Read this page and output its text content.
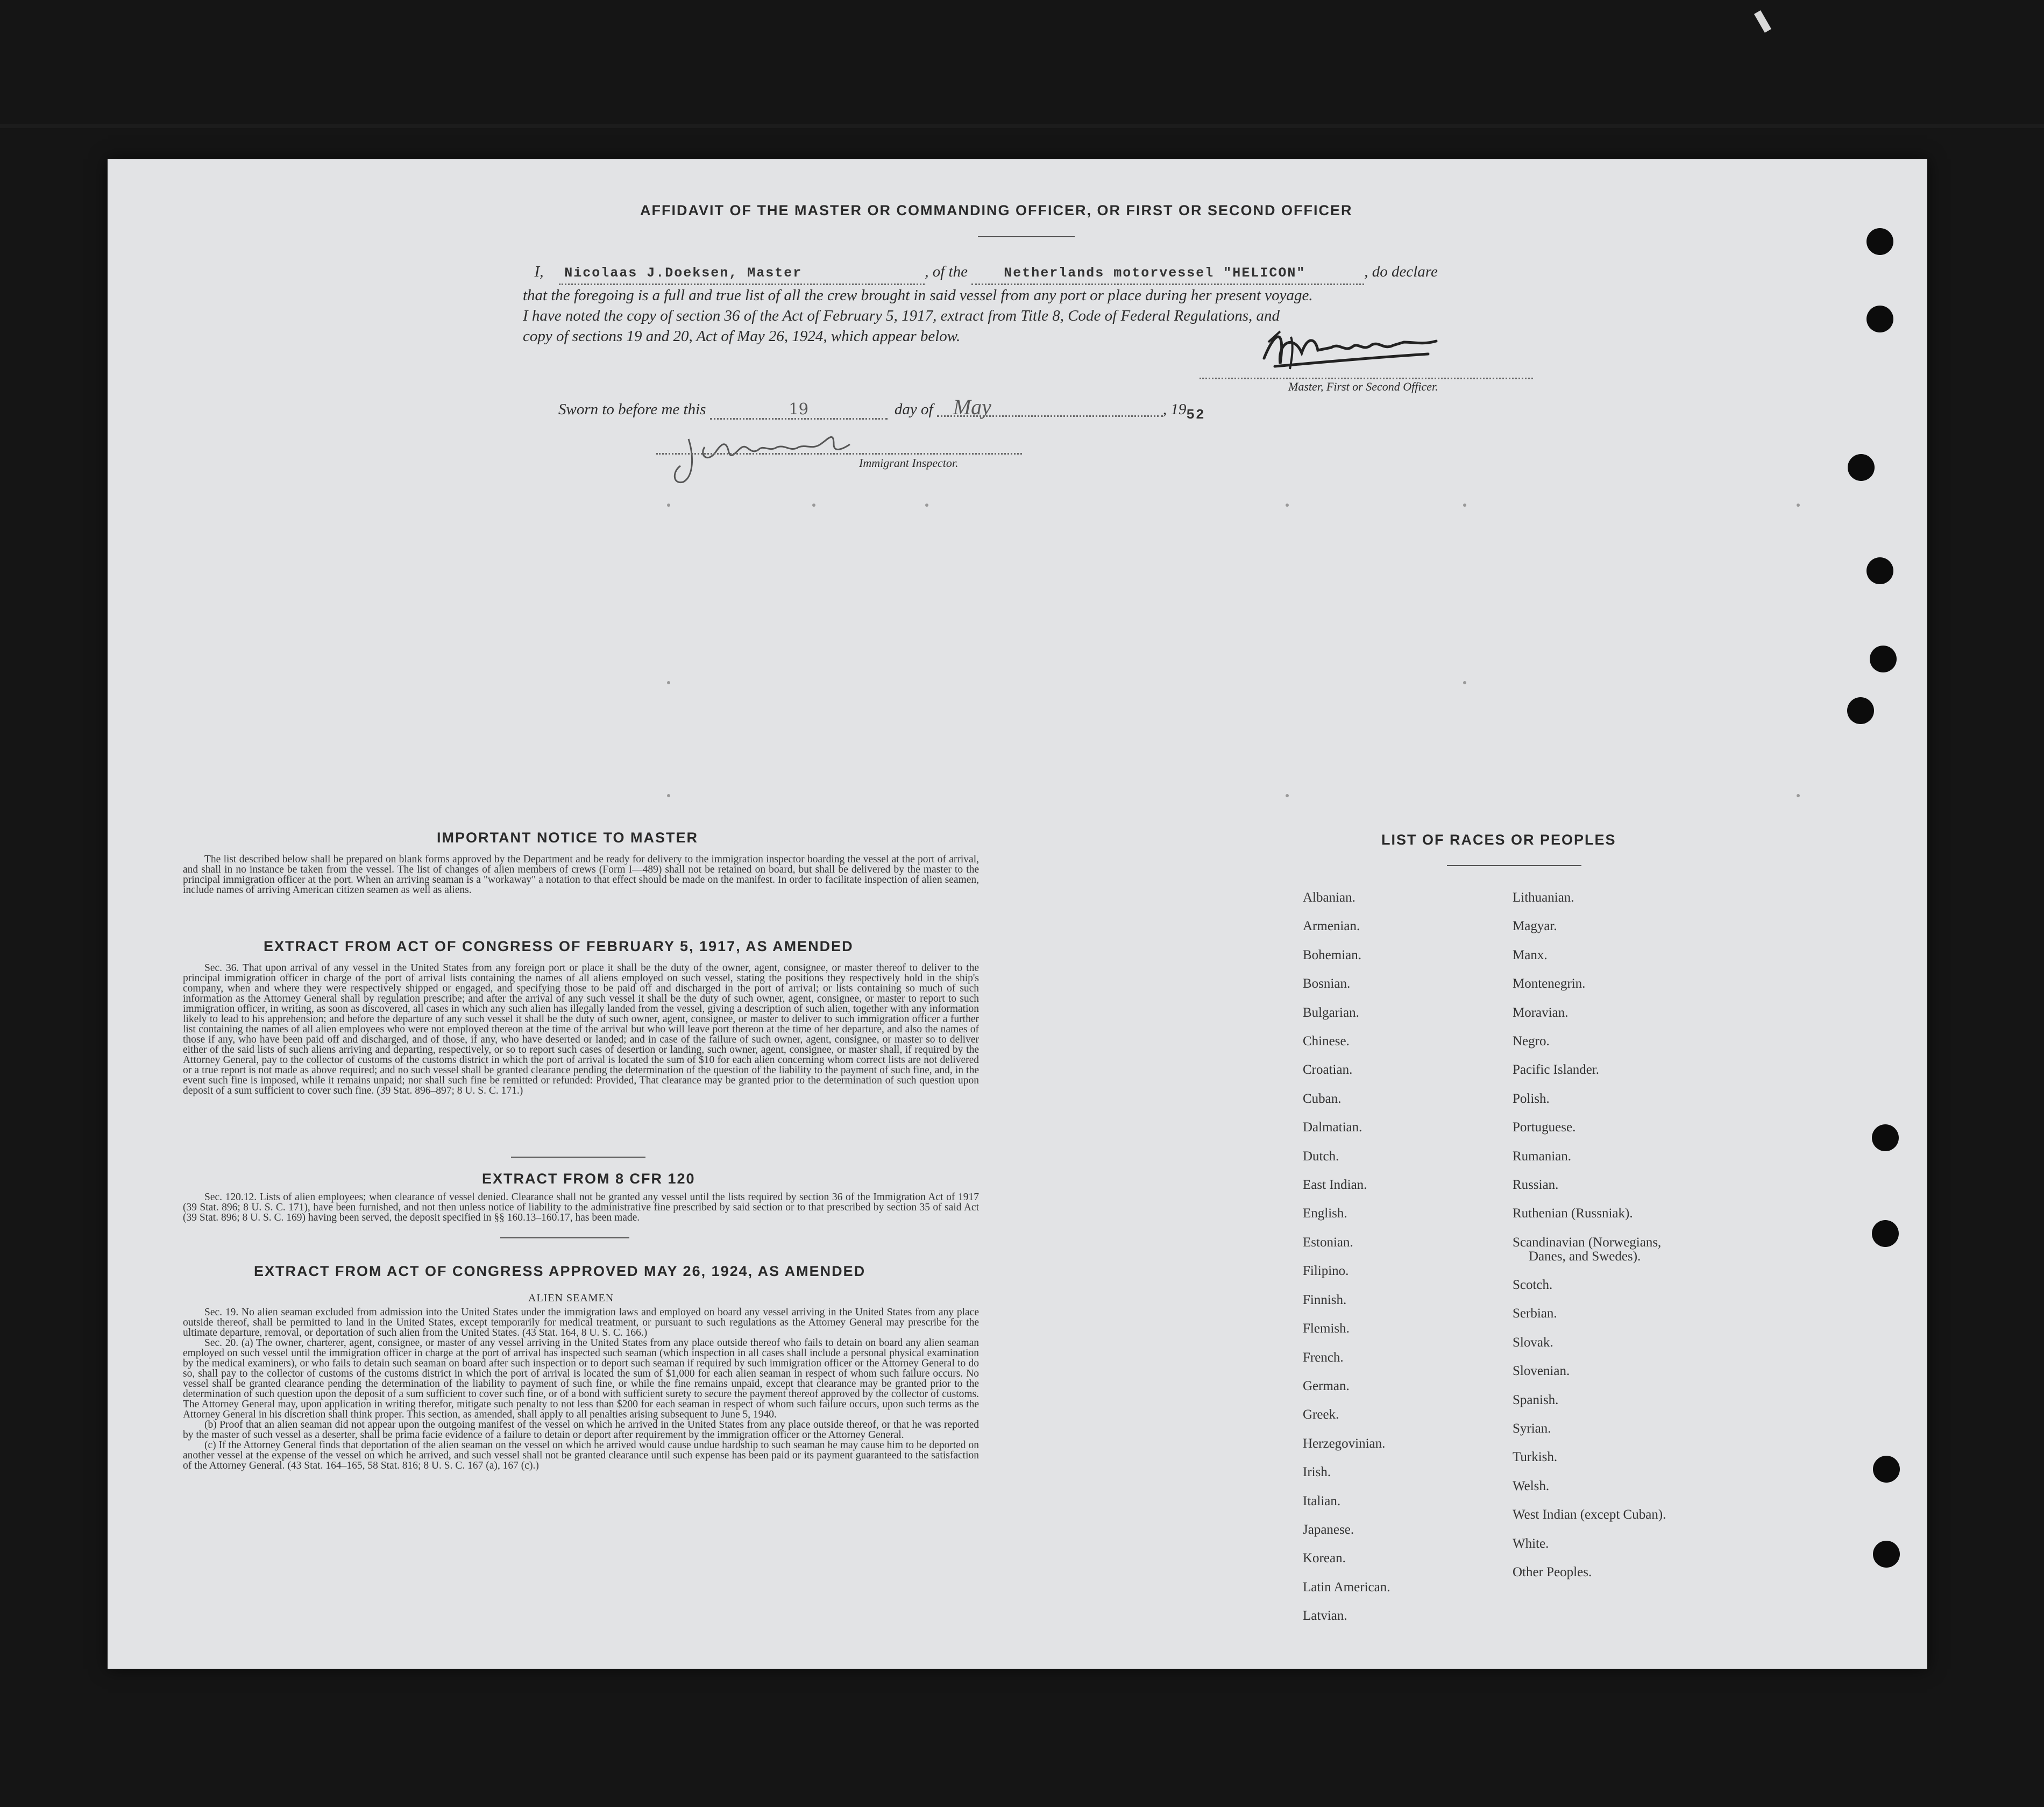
AFFIDAVIT OF THE MASTER OR COMMANDING OFFICER, OR FIRST OR SECOND OFFICER
I, Nicolaas J.Doeksen, Master	, of the	Netherlands motorvessel "HELICON"	, do declare
that the foregoing is a full and true list of all the crew brought in said vessel from any port or place during her present voyage.
I have noted the copy of section 36 of the Act of February 5, 1917, extract from Title 8, Code of Federal Regulations, and
copy of sections 19 and 20, Act of May 26, 1924, which appear below.
Master, First or Second Officer.
Sworn to before me this	19	day of May	, 1952
Immigrant Inspector.
IMPORTANT NOTICE TO MASTER

The list described below shall be prepared on blank forms approved by the Department and be ready for delivery to the immigration inspector boarding the vessel at the port of arrival, and shall in no instance be taken from the vessel. The list of changes of alien members of crews (Form I—489) shall not be retained on board, but shall be delivered by the master to the principal immigration officer at the port. When an arriving seaman is a "workaway" a notation to that effect should be made on the manifest. In order to facilitate inspection of alien seamen, include names of arriving American citizen seamen as well as aliens.

EXTRACT FROM ACT OF CONGRESS OF FEBRUARY 5, 1917, AS AMENDED

Sec. 36. That upon arrival of any vessel in the United States from any foreign port or place it shall be the duty of the owner, agent, consignee, or master thereof to deliver to the principal immigration officer in charge of the port of arrival lists containing the names of all aliens employed on such vessel, stating the positions they respectively hold in the ship's company, when and where they were respectively shipped or engaged, and specifying those to be paid off and discharged in the port of arrival; or lists containing so much of such information as the Attorney General shall by regulation prescribe; and after the arrival of any such vessel it shall be the duty of such owner, agent, consignee, or master to report to such immigration officer, in writing, as soon as discovered, all cases in which any such alien has illegally landed from the vessel, giving a description of such alien, together with any information likely to lead to his apprehension; and before the departure of any such vessel it shall be the duty of such owner, agent, consignee, or master to deliver to such immigration officer a further list containing the names of all alien employees who were not employed thereon at the time of the arrival but who will leave port thereon at the time of her departure, and also the names of those if any, who have been paid off and discharged, and of those, if any, who have deserted or landed; and in case of the failure of such owner, agent, consignee, or master so to deliver either of the said lists of such aliens arriving and departing, respectively, or so to report such cases of desertion or landing, such owner, agent, consignee, or master shall, if required by the Attorney General, pay to the collector of customs of the customs district in which the port of arrival is located the sum of $10 for each alien concerning whom correct lists are not delivered or a true report is not made as above required; and no such vessel shall be granted clearance pending the determination of the question of the liability to the payment of such fine, and, in the event such fine is imposed, while it remains unpaid; nor shall such fine be remitted or refunded: Provided, That clearance may be granted prior to the determination of such question upon deposit of a sum sufficient to cover such fine. (39 Stat. 896–897; 8 U. S. C. 171.)

EXTRACT FROM 8 CFR 120

Sec. 120.12. Lists of alien employees; when clearance of vessel denied. Clearance shall not be granted any vessel until the lists required by section 36 of the Immigration Act of 1917 (39 Stat. 896; 8 U. S. C. 171), have been furnished, and not then unless notice of liability to the administrative fine prescribed by said section or to that prescribed by section 35 of said Act (39 Stat. 896; 8 U. S. C. 169) having been served, the deposit specified in §§ 160.13–160.17, has been made.

EXTRACT FROM ACT OF CONGRESS APPROVED MAY 26, 1924, AS AMENDED
ALIEN SEAMEN

Sec. 19. No alien seaman excluded from admission into the United States under the immigration laws and employed on board any vessel arriving in the United States from any place outside thereof, shall be permitted to land in the United States, except temporarily for medical treatment, or pursuant to such regulations as the Attorney General may prescribe for the ultimate departure, removal, or deportation of such alien from the United States. (43 Stat. 164, 8 U. S. C. 166.)

Sec. 20. (a) The owner, charterer, agent, consignee, or master of any vessel arriving in the United States from any place outside thereof who fails to detain on board any alien seaman employed on such vessel until the immigration officer in charge at the port of arrival has inspected such seaman (which inspection in all cases shall include a personal physical examination by the medical examiners), or who fails to detain such seaman on board after such inspection or to deport such seaman if required by such immigration officer or the Attorney General to do so, shall pay to the collector of customs of the customs district in which the port of arrival is located the sum of $1,000 for each alien seaman in respect of whom such failure occurs. No vessel shall be granted clearance pending the determination of the liability to payment of such fine, or while the fine remains unpaid, except that clearance may be granted prior to the determination of such question upon the deposit of a sum sufficient to cover such fine, or of a bond with sufficient surety to secure the payment thereof approved by the collector of customs. The Attorney General may, upon application in writing therefor, mitigate such penalty to not less than $200 for each seaman in respect of whom such failure occurs, upon such terms as the Attorney General in his discretion shall think proper. This section, as amended, shall apply to all penalties arising subsequent to June 5, 1940.

(b) Proof that an alien seaman did not appear upon the outgoing manifest of the vessel on which he arrived in the United States from any place outside thereof, or that he was reported by the master of such vessel as a deserter, shall be prima facie evidence of a failure to detain or deport after requirement by the immigration officer or the Attorney General.

(c) If the Attorney General finds that deportation of the alien seaman on the vessel on which he arrived would cause undue hardship to such seaman he may cause him to be deported on another vessel at the expense of the vessel on which he arrived, and such vessel shall not be granted clearance until such expense has been paid or its payment guaranteed to the satisfaction of the Attorney General. (43 Stat. 164–165, 58 Stat. 816; 8 U. S. C. 167 (a), 167 (c).)

LIST OF RACES OR PEOPLES
Albanian.
Armenian.
Bohemian.
Bosnian.
Bulgarian.
Chinese.
Croatian.
Cuban.
Dalmatian.
Dutch.
East Indian.
English.
Estonian.
Filipino.
Finnish.
Flemish.
French.
German.
Greek.
Herzegovinian.
Irish.
Italian.
Japanese.
Korean.
Latin American.
Latvian.
Lithuanian.
Magyar.
Manx.
Montenegrin.
Moravian.
Negro.
Pacific Islander.
Polish.
Portuguese.
Rumanian.
Russian.
Ruthenian (Russniak).
Scandinavian (Norwegians,
Danes, and Swedes).
Scotch.
Serbian.
Slovak.
Slovenian.
Spanish.
Syrian.
Turkish.
Welsh.
West Indian (except Cuban).
White.
Other Peoples.
